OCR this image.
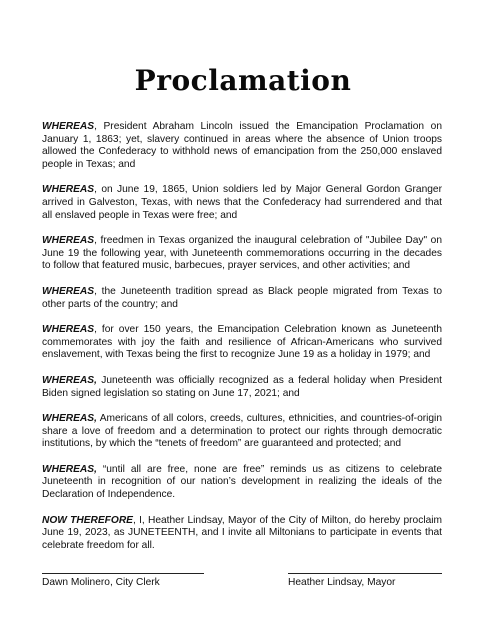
Proclamation

WHEREAS, President Abraham Lincoln issued the Emancipation Proclamation on January 1, 1863; yet, slavery continued in areas where the absence of Union troops allowed the Confederacy to withhold news of emancipation from the 250,000 enslaved people in Texas; and

WHEREAS, on June 19, 1865, Union soldiers led by Major General Gordon Granger arrived in Galveston, Texas, with news that the Confederacy had surrendered and that all enslaved people in Texas were free; and

WHEREAS, freedmen in Texas organized the inaugural celebration of "Jubilee Day" on June 19 the following year, with Juneteenth commemorations occurring in the decades to follow that featured music, barbecues, prayer services, and other activities; and

WHEREAS, the Juneteenth tradition spread as Black people migrated from Texas to other parts of the country; and

WHEREAS, for over 150 years, the Emancipation Celebration known as Juneteenth commemorates with joy the faith and resilience of African-Americans who survived enslavement, with Texas being the first to recognize June 19 as a holiday in 1979; and

WHEREAS, Juneteenth was officially recognized as a federal holiday when President Biden signed legislation so stating on June 17, 2021; and

WHEREAS, Americans of all colors, creeds, cultures, ethnicities, and countries-of-origin share a love of freedom and a determination to protect our rights through democratic institutions, by which the “tenets of freedom” are guaranteed and protected; and

WHEREAS, “until all are free, none are free” reminds us as citizens to celebrate Juneteenth in recognition of our nation’s development in realizing the ideals of the Declaration of Independence.

NOW THEREFORE, I, Heather Lindsay, Mayor of the City of Milton, do hereby proclaim June 19, 2023, as JUNETEENTH, and I invite all Miltonians to participate in events that celebrate freedom for all.

Dawn Molinero, City Clerk	Heather Lindsay, Mayor
